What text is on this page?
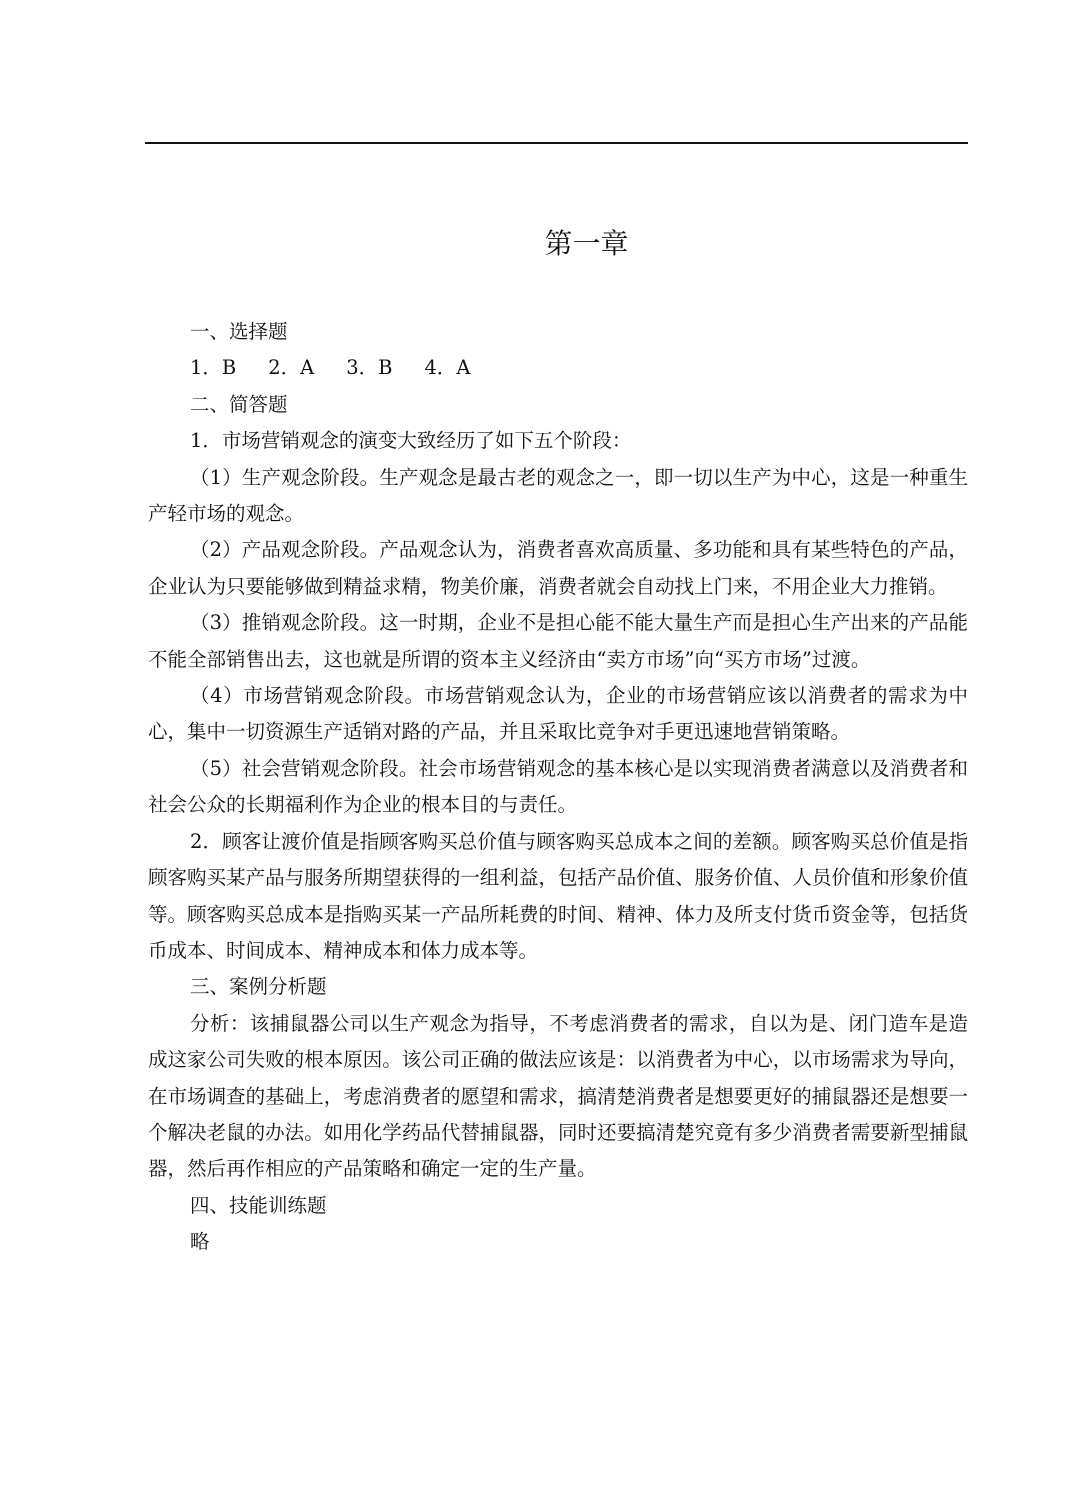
第一章

一、选择题

1．B 2．A 3．B 4．A

二、简答题

1．市场营销观念的演变大致经历了如下五个阶段：

（1）生产观念阶段。生产观念是最古老的观念之一，即一切以生产为中心，这是一种重生产轻市场的观念。

（2）产品观念阶段。产品观念认为，消费者喜欢高质量、多功能和具有某些特色的产品，企业认为只要能够做到精益求精，物美价廉，消费者就会自动找上门来，不用企业大力推销。

（3）推销观念阶段。这一时期，企业不是担心能不能大量生产而是担心生产出来的产品能不能全部销售出去，这也就是所谓的资本主义经济由“卖方市场”向“买方市场”过渡。

（4）市场营销观念阶段。市场营销观念认为，企业的市场营销应该以消费者的需求为中心，集中一切资源生产适销对路的产品，并且采取比竞争对手更迅速地营销策略。

（5）社会营销观念阶段。社会市场营销观念的基本核心是以实现消费者满意以及消费者和社会公众的长期福利作为企业的根本目的与责任。

2．顾客让渡价值是指顾客购买总价值与顾客购买总成本之间的差额。顾客购买总价值是指顾客购买某产品与服务所期望获得的一组利益，包括产品价值、服务价值、人员价值和形象价值等。顾客购买总成本是指购买某一产品所耗费的时间、精神、体力及所支付货币资金等，包括货币成本、时间成本、精神成本和体力成本等。

三、案例分析题

分析：该捕鼠器公司以生产观念为指导，不考虑消费者的需求，自以为是、闭门造车是造成这家公司失败的根本原因。该公司正确的做法应该是：以消费者为中心，以市场需求为导向，在市场调查的基础上，考虑消费者的愿望和需求，搞清楚消费者是想要更好的捕鼠器还是想要一个解决老鼠的办法。如用化学药品代替捕鼠器，同时还要搞清楚究竟有多少消费者需要新型捕鼠器，然后再作相应的产品策略和确定一定的生产量。

四、技能训练题

略
